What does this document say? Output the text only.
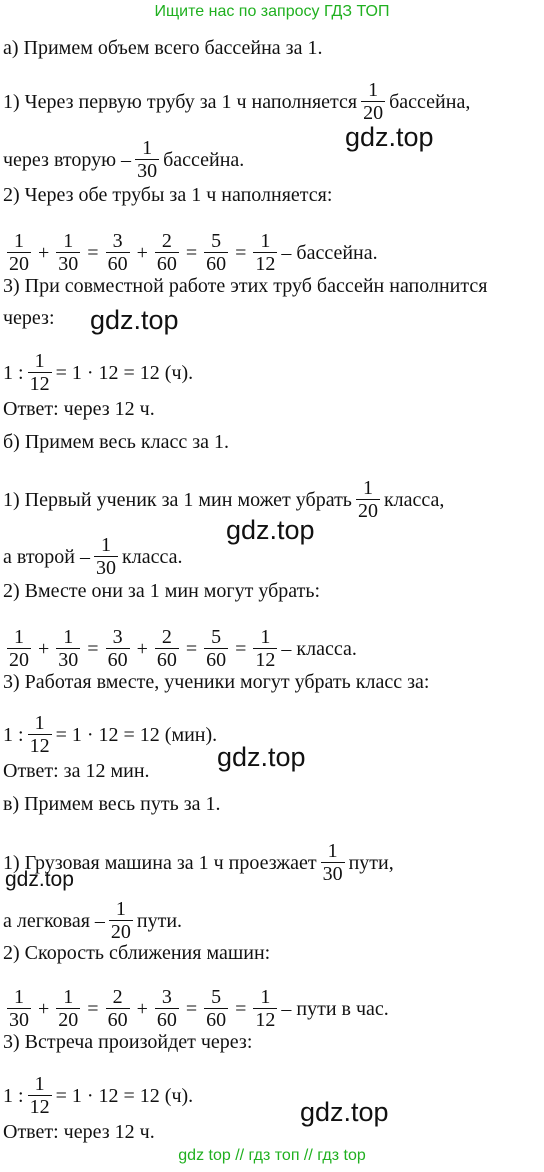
Ищите нас по запросу ГДЗ ТОП
а) Примем объем всего бассейна за 1.
1) Через первую трубу за 1 ч наполняется $\frac{1}{20}$ бассейна,
через вторую – $\frac{1}{30}$ бассейна.
2) Через обе трубы за 1 ч наполняется:
$\frac{1}{20} + \frac{1}{30} = \frac{3}{60} + \frac{2}{60} = \frac{5}{60} = \frac{1}{12}$ – бассейна.
3) При совместной работе этих труб бассейн наполнится
через:
1 : $\frac{1}{12} = 1 \cdot 12 = 12$ (ч).
Ответ: через 12 ч.
б) Примем весь класс за 1.
1) Первый ученик за 1 мин может убрать $\frac{1}{20}$ класса,
а второй – $\frac{1}{30}$ класса.
2) Вместе они за 1 мин могут убрать:
$\frac{1}{20} + \frac{1}{30} = \frac{3}{60} + \frac{2}{60} = \frac{5}{60} = \frac{1}{12}$ – класса.
3) Работая вместе, ученики могут убрать класс за:
1 : $\frac{1}{12} = 1 \cdot 12 = 12$ (мин).
Ответ: за 12 мин.
в) Примем весь путь за 1.
1) Грузовая машина за 1 ч проезжает $\frac{1}{30}$ пути,
а легковая – $\frac{1}{20}$ пути.
2) Скорость сближения машин:
$\frac{1}{30} + \frac{1}{20} = \frac{2}{60} + \frac{3}{60} = \frac{5}{60} = \frac{1}{12}$ – пути в час.
3) Встреча произойдет через:
1 : $\frac{1}{12} = 1 \cdot 12 = 12$ (ч).
Ответ: через 12 ч.
gdz.top
gdz.top
gdz.top
gdz.top
gdz.top
gdz.top
gdz top // гдз топ // гдз top
